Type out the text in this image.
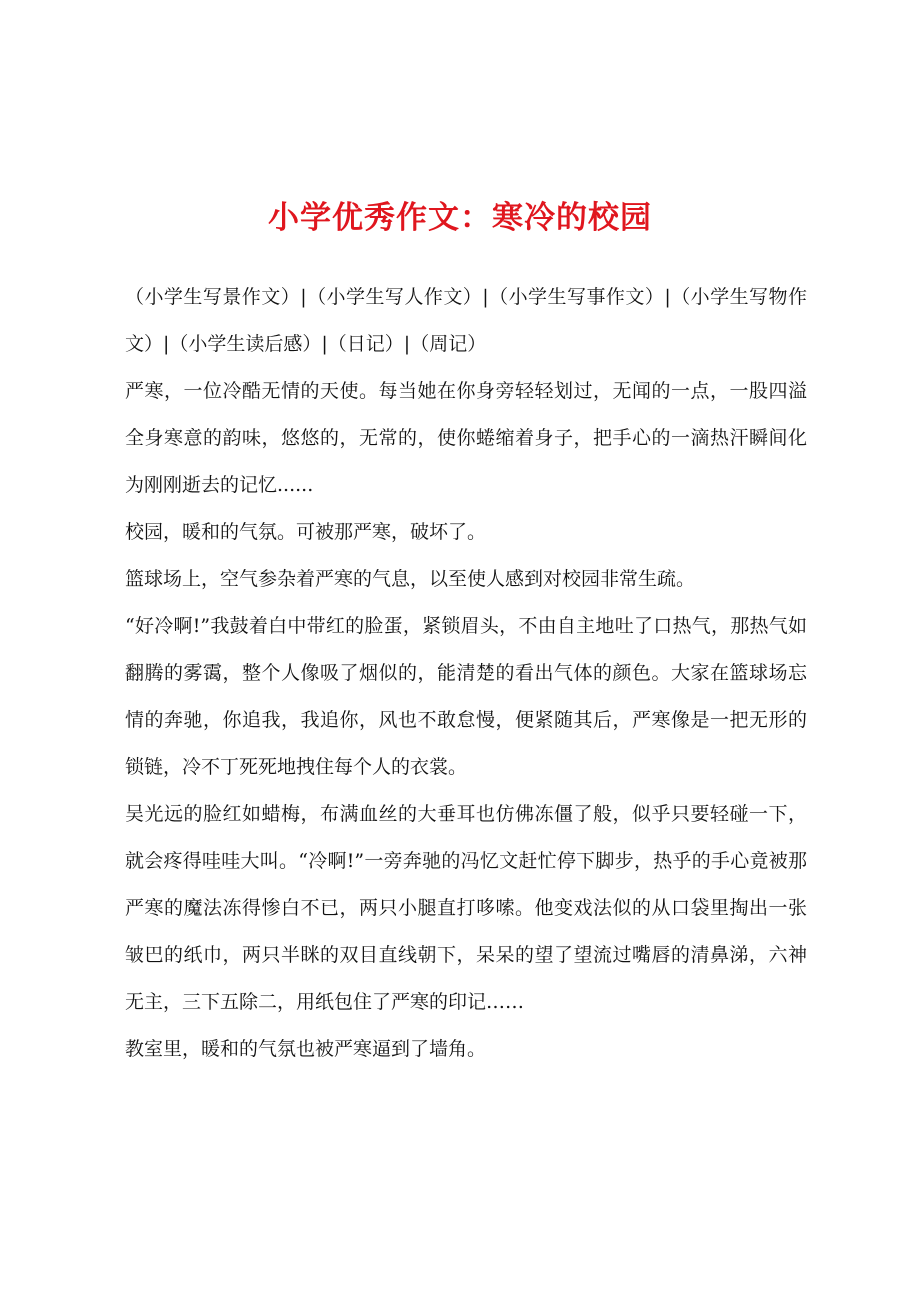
小学优秀作文：寒冷的校园

（小学生写景作文）|（小学生写人作文）|（小学生写事作文）|（小学生写物作文）|（小学生读后感）|（日记）|（周记）

严寒，一位冷酷无情的天使。每当她在你身旁轻轻划过，无闻的一点，一股四溢全身寒意的韵味，悠悠的，无常的，使你蜷缩着身子，把手心的一滴热汗瞬间化为刚刚逝去的记忆......

校园，暖和的气氛。可被那严寒，破坏了。

篮球场上，空气参杂着严寒的气息，以至使人感到对校园非常生疏。

“好冷啊!”我鼓着白中带红的脸蛋，紧锁眉头，不由自主地吐了口热气，那热气如翻腾的雾霭，整个人像吸了烟似的，能清楚的看出气体的颜色。大家在篮球场忘情的奔驰，你追我，我追你，风也不敢怠慢，便紧随其后，严寒像是一把无形的锁链，冷不丁死死地拽住每个人的衣裳。

吴光远的脸红如蜡梅，布满血丝的大垂耳也仿佛冻僵了般，似乎只要轻碰一下，就会疼得哇哇大叫。“冷啊!”一旁奔驰的冯忆文赶忙停下脚步，热乎的手心竟被那严寒的魔法冻得惨白不已，两只小腿直打哆嗦。他变戏法似的从口袋里掏出一张皱巴的纸巾，两只半眯的双目直线朝下，呆呆的望了望流过嘴唇的清鼻涕，六神无主，三下五除二，用纸包住了严寒的印记……

教室里，暖和的气氛也被严寒逼到了墙角。
